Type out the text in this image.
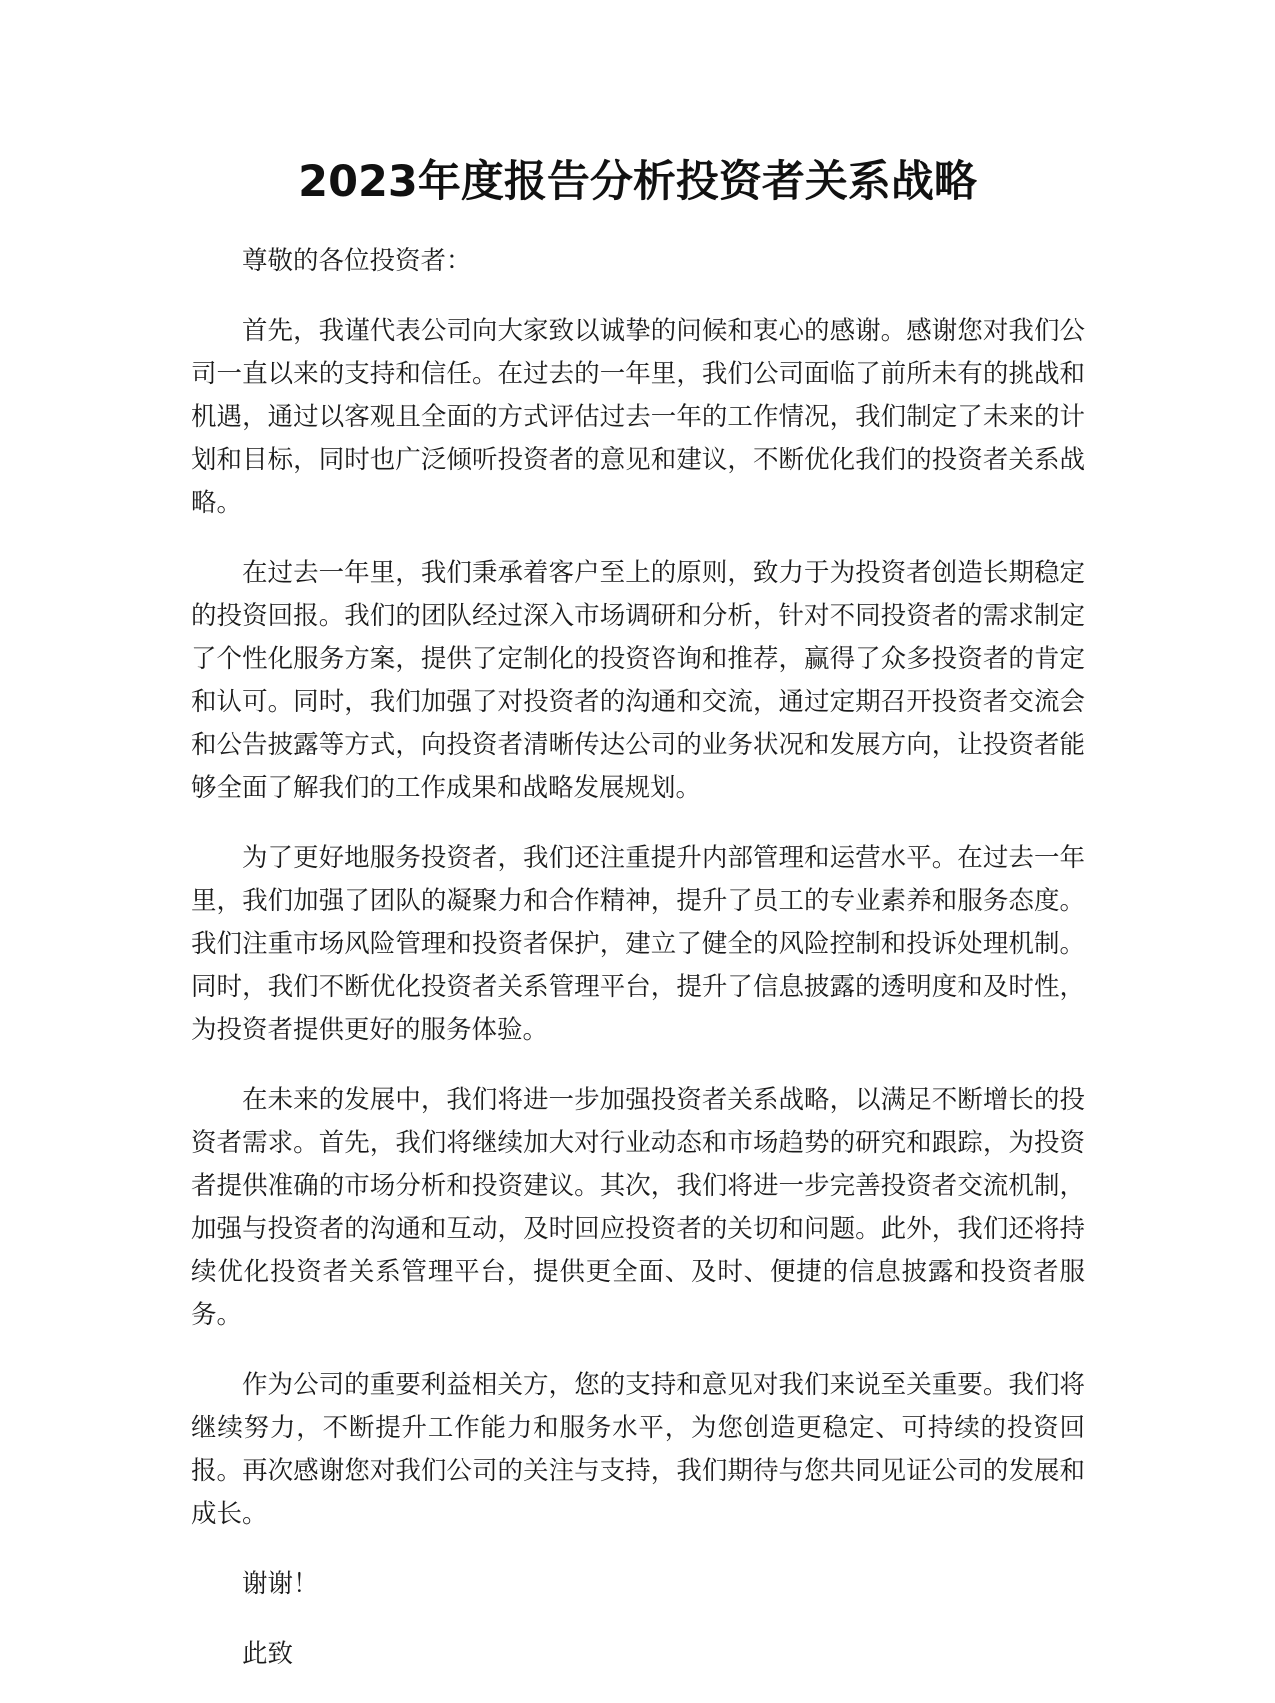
2023年度报告分析投资者关系战略

尊敬的各位投资者：

首先，我谨代表公司向大家致以诚挚的问候和衷心的感谢。感谢您对我们公司一直以来的支持和信任。在过去的一年里，我们公司面临了前所未有的挑战和机遇，通过以客观且全面的方式评估过去一年的工作情况，我们制定了未来的计划和目标，同时也广泛倾听投资者的意见和建议，不断优化我们的投资者关系战略。

在过去一年里，我们秉承着客户至上的原则，致力于为投资者创造长期稳定的投资回报。我们的团队经过深入市场调研和分析，针对不同投资者的需求制定了个性化服务方案，提供了定制化的投资咨询和推荐，赢得了众多投资者的肯定和认可。同时，我们加强了对投资者的沟通和交流，通过定期召开投资者交流会和公告披露等方式，向投资者清晰传达公司的业务状况和发展方向，让投资者能够全面了解我们的工作成果和战略发展规划。

为了更好地服务投资者，我们还注重提升内部管理和运营水平。在过去一年里，我们加强了团队的凝聚力和合作精神，提升了员工的专业素养和服务态度。我们注重市场风险管理和投资者保护，建立了健全的风险控制和投诉处理机制。同时，我们不断优化投资者关系管理平台，提升了信息披露的透明度和及时性，为投资者提供更好的服务体验。

在未来的发展中，我们将进一步加强投资者关系战略，以满足不断增长的投资者需求。首先，我们将继续加大对行业动态和市场趋势的研究和跟踪，为投资者提供准确的市场分析和投资建议。其次，我们将进一步完善投资者交流机制，加强与投资者的沟通和互动，及时回应投资者的关切和问题。此外，我们还将持续优化投资者关系管理平台，提供更全面、及时、便捷的信息披露和投资者服务。

作为公司的重要利益相关方，您的支持和意见对我们来说至关重要。我们将继续努力，不断提升工作能力和服务水平，为您创造更稳定、可持续的投资回报。再次感谢您对我们公司的关注与支持，我们期待与您共同见证公司的发展和成长。

谢谢！

此致
